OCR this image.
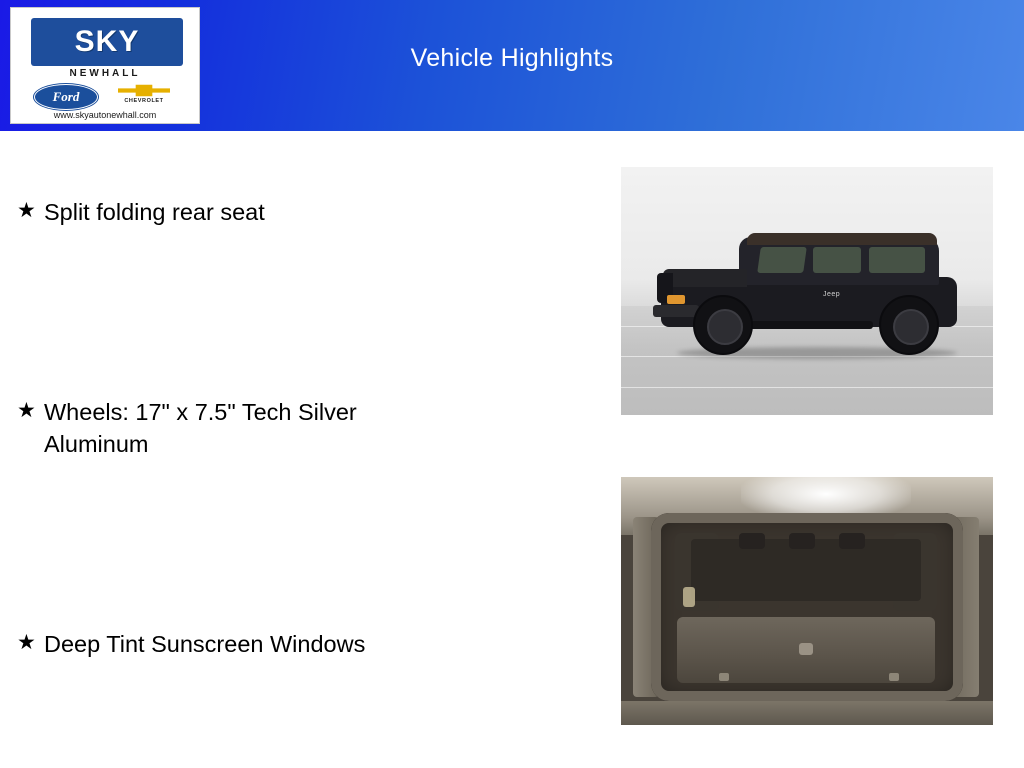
Vehicle Highlights
SKY
NEWHALL
Ford	CHEVROLET
www.skyautonewhall.com
★ Split folding rear seat
★ Wheels: 17" x 7.5" Tech Silver Aluminum
★ Deep Tint Sunscreen Windows
Jeep
